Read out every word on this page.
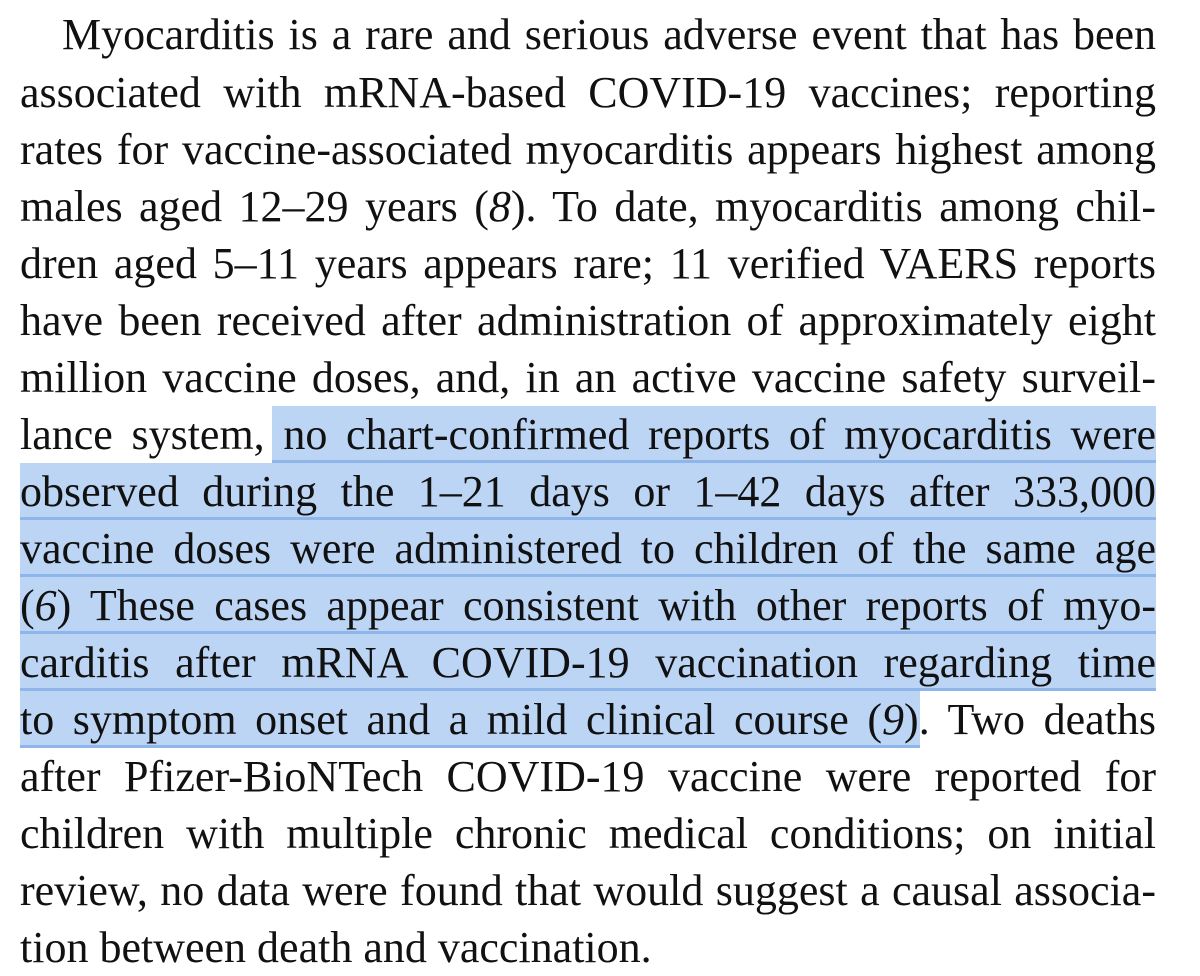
Myocarditis is a rare and serious adverse event that has been
associated with mRNA-based COVID-19 vaccines; reporting
rates for vaccine-associated myocarditis appears highest among
males aged 12–29 years (8). To date, myocarditis among chil-
dren aged 5–11 years appears rare; 11 verified VAERS reports
have been received after administration of approximately eight
million vaccine doses, and, in an active vaccine safety surveil-
lance system, no chart-confirmed reports of myocarditis were
observed during the 1–21 days or 1–42 days after 333,000
vaccine doses were administered to children of the same age
(6) These cases appear consistent with other reports of myo-
carditis after mRNA COVID-19 vaccination regarding time
to symptom onset and a mild clinical course (9). Two deaths
after Pfizer-BioNTech COVID-19 vaccine were reported for
children with multiple chronic medical conditions; on initial
review, no data were found that would suggest a causal associa-
tion between death and vaccination.
